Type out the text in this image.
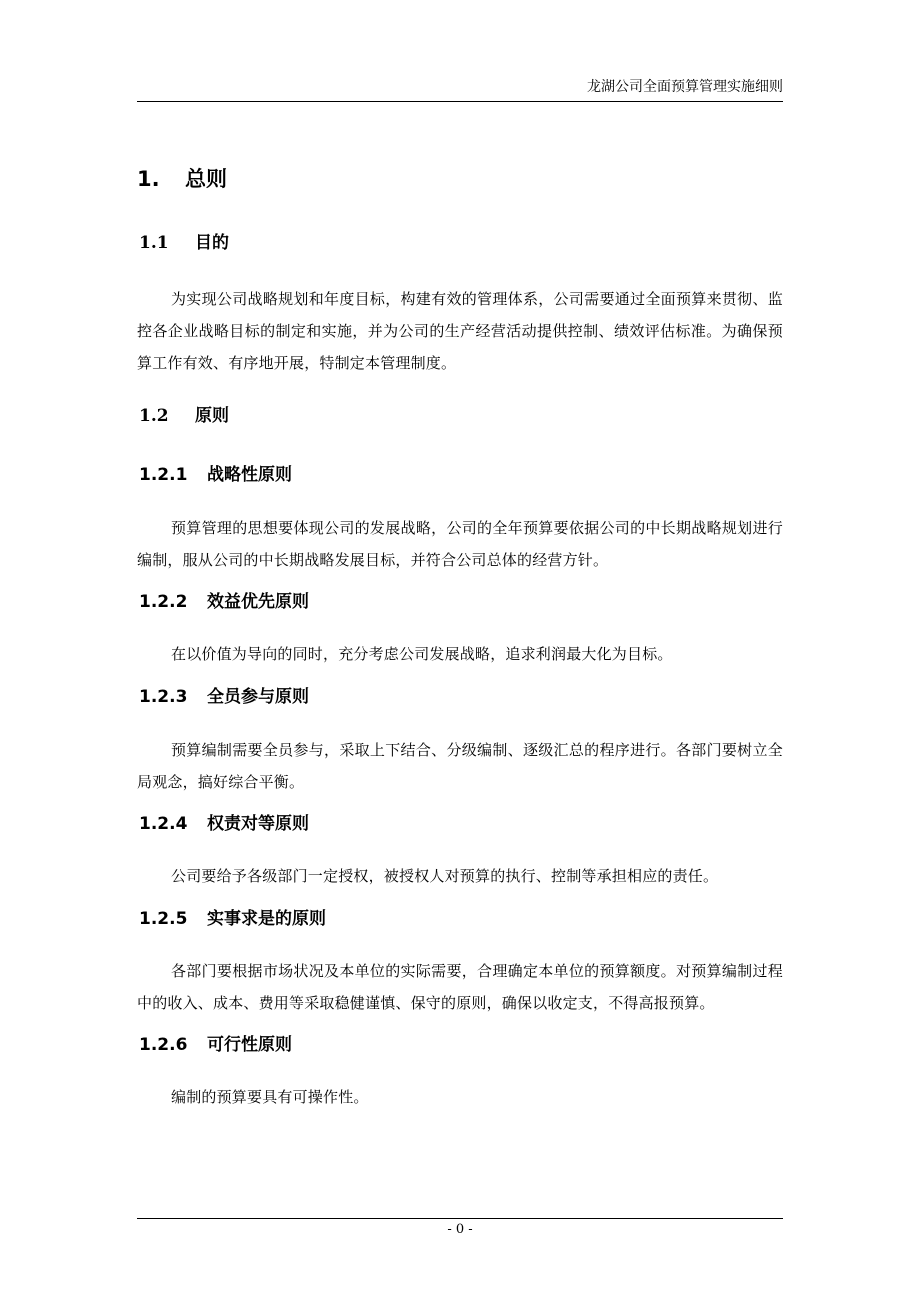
龙湖公司全面预算管理实施细则
1. 总则
1.1 目的
为实现公司战略规划和年度目标，构建有效的管理体系，公司需要通过全面预算来贯彻、监控各企业战略目标的制定和实施，并为公司的生产经营活动提供控制、绩效评估标准。为确保预算工作有效、有序地开展，特制定本管理制度。
1.2 原则
1.2.1 战略性原则
预算管理的思想要体现公司的发展战略，公司的全年预算要依据公司的中长期战略规划进行编制，服从公司的中长期战略发展目标，并符合公司总体的经营方针。
1.2.2 效益优先原则
在以价值为导向的同时，充分考虑公司发展战略，追求利润最大化为目标。
1.2.3 全员参与原则
预算编制需要全员参与，采取上下结合、分级编制、逐级汇总的程序进行。各部门要树立全局观念，搞好综合平衡。
1.2.4 权责对等原则
公司要给予各级部门一定授权，被授权人对预算的执行、控制等承担相应的责任。
1.2.5 实事求是的原则
各部门要根据市场状况及本单位的实际需要，合理确定本单位的预算额度。对预算编制过程中的收入、成本、费用等采取稳健谨慎、保守的原则，确保以收定支，不得高报预算。
1.2.6 可行性原则
编制的预算要具有可操作性。
- 0 -
